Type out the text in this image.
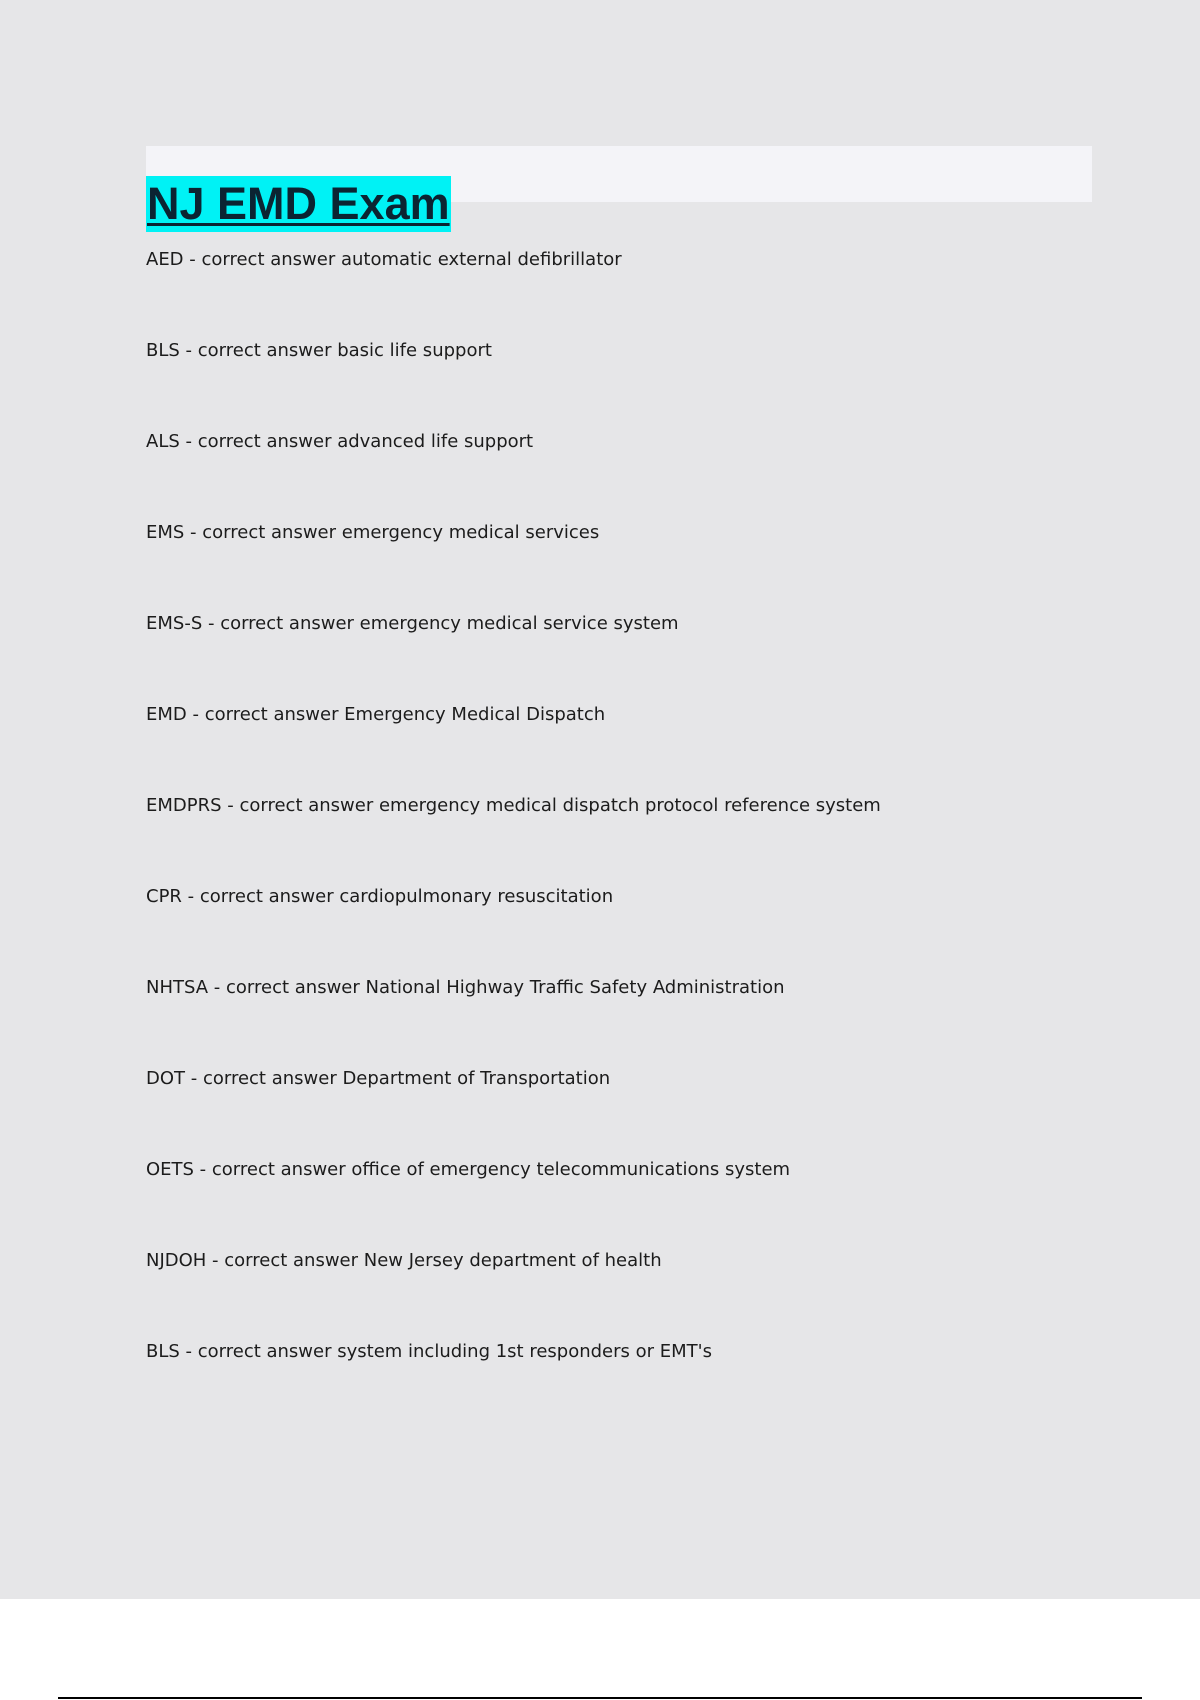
NJ EMD Exam
AED - correct answer automatic external defibrillator
BLS - correct answer basic life support
ALS - correct answer advanced life support
EMS - correct answer emergency medical services
EMS-S - correct answer emergency medical service system
EMD - correct answer Emergency Medical Dispatch
EMDPRS - correct answer emergency medical dispatch protocol reference system
CPR - correct answer cardiopulmonary resuscitation
NHTSA - correct answer National Highway Traffic Safety Administration
DOT - correct answer Department of Transportation
OETS - correct answer office of emergency telecommunications system
NJDOH - correct answer New Jersey department of health
BLS - correct answer system including 1st responders or EMT's
